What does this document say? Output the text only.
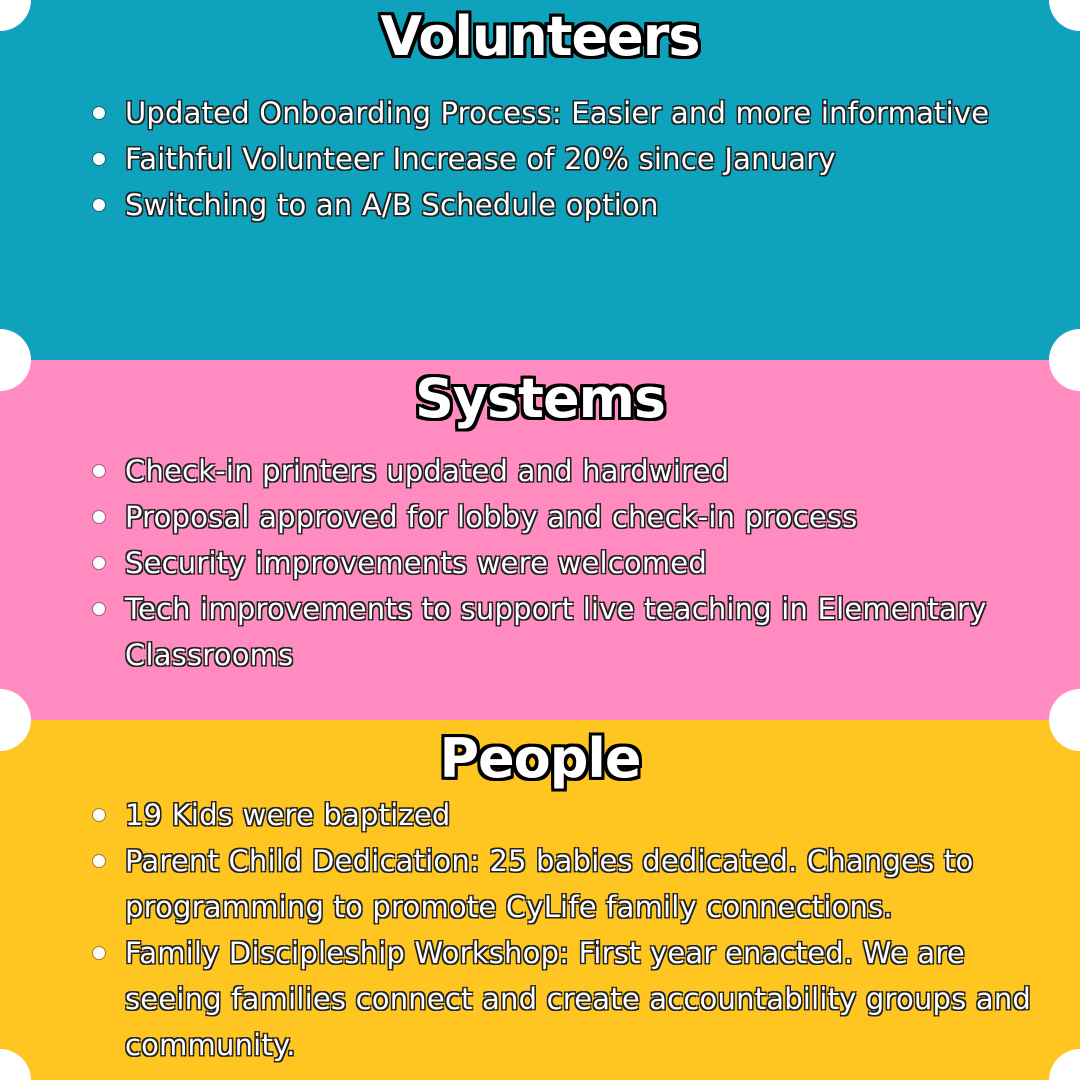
Volunteers
Updated Onboarding Process: Easier and more informative
Faithful Volunteer Increase of 20% since January
Switching to an A/B Schedule option
Systems
Check-in printers updated and hardwired
Proposal approved for lobby and check-in process
Security improvements were welcomed
Tech improvements to support live teaching in Elementary Classrooms
People
19 Kids were baptized
Parent Child Dedication: 25 babies dedicated. Changes to programming to promote CyLife family connections.
Family Discipleship Workshop: First year enacted. We are seeing families connect and create accountability groups and community.
